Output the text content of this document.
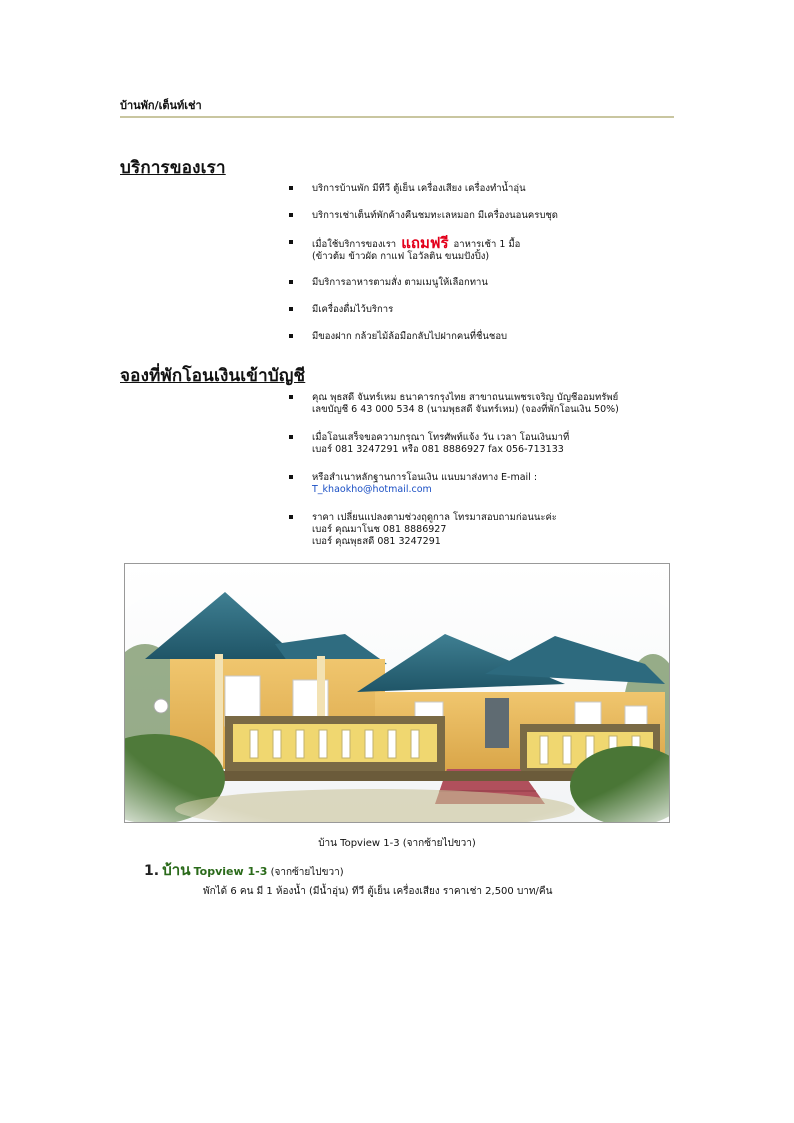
บ้านพัก/เต็นท์เช่า
บริการของเรา
บริการบ้านพัก มีทีวี ตู้เย็น เครื่องเสียง เครื่องทำน้ำอุ่น
บริการเช่าเต็นท์พักค้างคืนชมทะเลหมอก มีเครื่องนอนครบชุด
เมื่อใช้บริการของเรา แถมฟรี อาหารเช้า 1 มื้อ
(ข้าวต้ม ข้าวผัด กาแฟ โอวัลติน ขนมปังปิ้ง)
มีบริการอาหารตามสั่ง ตามเมนูให้เลือกทาน
มีเครื่องดื่มไว้บริการ
มีของฝาก กล้วยไม้ล้อมือกลับไปฝากคนที่ชื่นชอบ
จองที่พักโอนเงินเข้าบัญชี
คุณ พุธสดี จันทร์เหม ธนาคารกรุงไทย สาขาถนนเพชรเจริญ บัญชีออมทรัพย์
เลขบัญชี 6 43 000 534 8 (นามพุธสดี จันทร์เหม) (จองที่พักโอนเงิน 50%)
เมื่อโอนเสร็จขอความกรุณา โทรศัพท์แจ้ง วัน เวลา โอนเงินมาที่
เบอร์ 081 3247291 หรือ 081 8886927 fax 056-713133
หรือสำเนาหลักฐานการโอนเงิน แนบมาส่งทาง E-mail :
T_khaokho@hotmail.com
ราคา เปลี่ยนแปลงตามช่วงฤดูกาล โทรมาสอบถามก่อนนะค่ะ
เบอร์ คุณมาโนช 081 8886927
เบอร์ คุณพุธสดี 081 3247291
บ้าน Topview 1-3 (จากซ้ายไปขวา)
1. บ้าน Topview 1-3 (จากซ้ายไปขวา)
พักได้ 6 คน มี 1 ห้องน้ำ (มีน้ำอุ่น) ทีวี ตู้เย็น เครื่องเสียง ราคาเช่า 2,500 บาท/คืน
